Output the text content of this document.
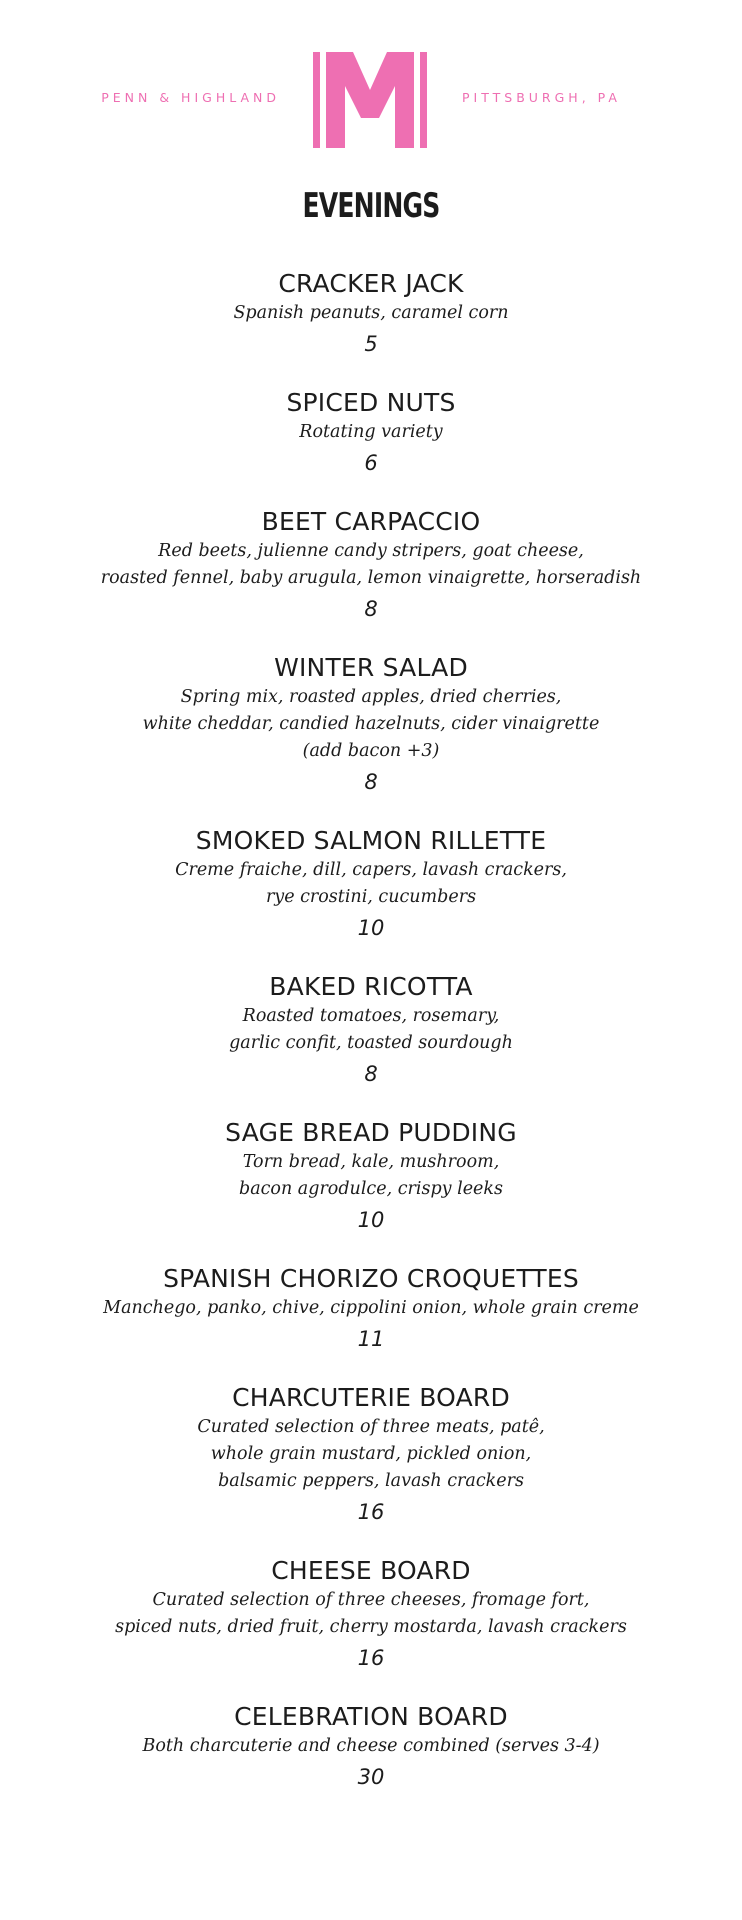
PENN & HIGHLAND	PITTSBURGH, PA
EVENINGS
CRACKER JACK
Spanish peanuts, caramel corn
5
SPICED NUTS
Rotating variety
6
BEET CARPACCIO
Red beets, julienne candy stripers, goat cheese,
roasted fennel, baby arugula, lemon vinaigrette, horseradish
8
WINTER SALAD
Spring mix, roasted apples, dried cherries,
white cheddar, candied hazelnuts, cider vinaigrette
(add bacon +3)
8
SMOKED SALMON RILLETTE
Creme fraiche, dill, capers, lavash crackers,
rye crostini, cucumbers
10
BAKED RICOTTA
Roasted tomatoes, rosemary,
garlic confit, toasted sourdough
8
SAGE BREAD PUDDING
Torn bread, kale, mushroom,
bacon agrodulce, crispy leeks
10
SPANISH CHORIZO CROQUETTES
Manchego, panko, chive, cippolini onion, whole grain creme
11
CHARCUTERIE BOARD
Curated selection of three meats, patê,
whole grain mustard, pickled onion,
balsamic peppers, lavash crackers
16
CHEESE BOARD
Curated selection of three cheeses, fromage fort,
spiced nuts, dried fruit, cherry mostarda, lavash crackers
16
CELEBRATION BOARD
Both charcuterie and cheese combined (serves 3-4)
30
